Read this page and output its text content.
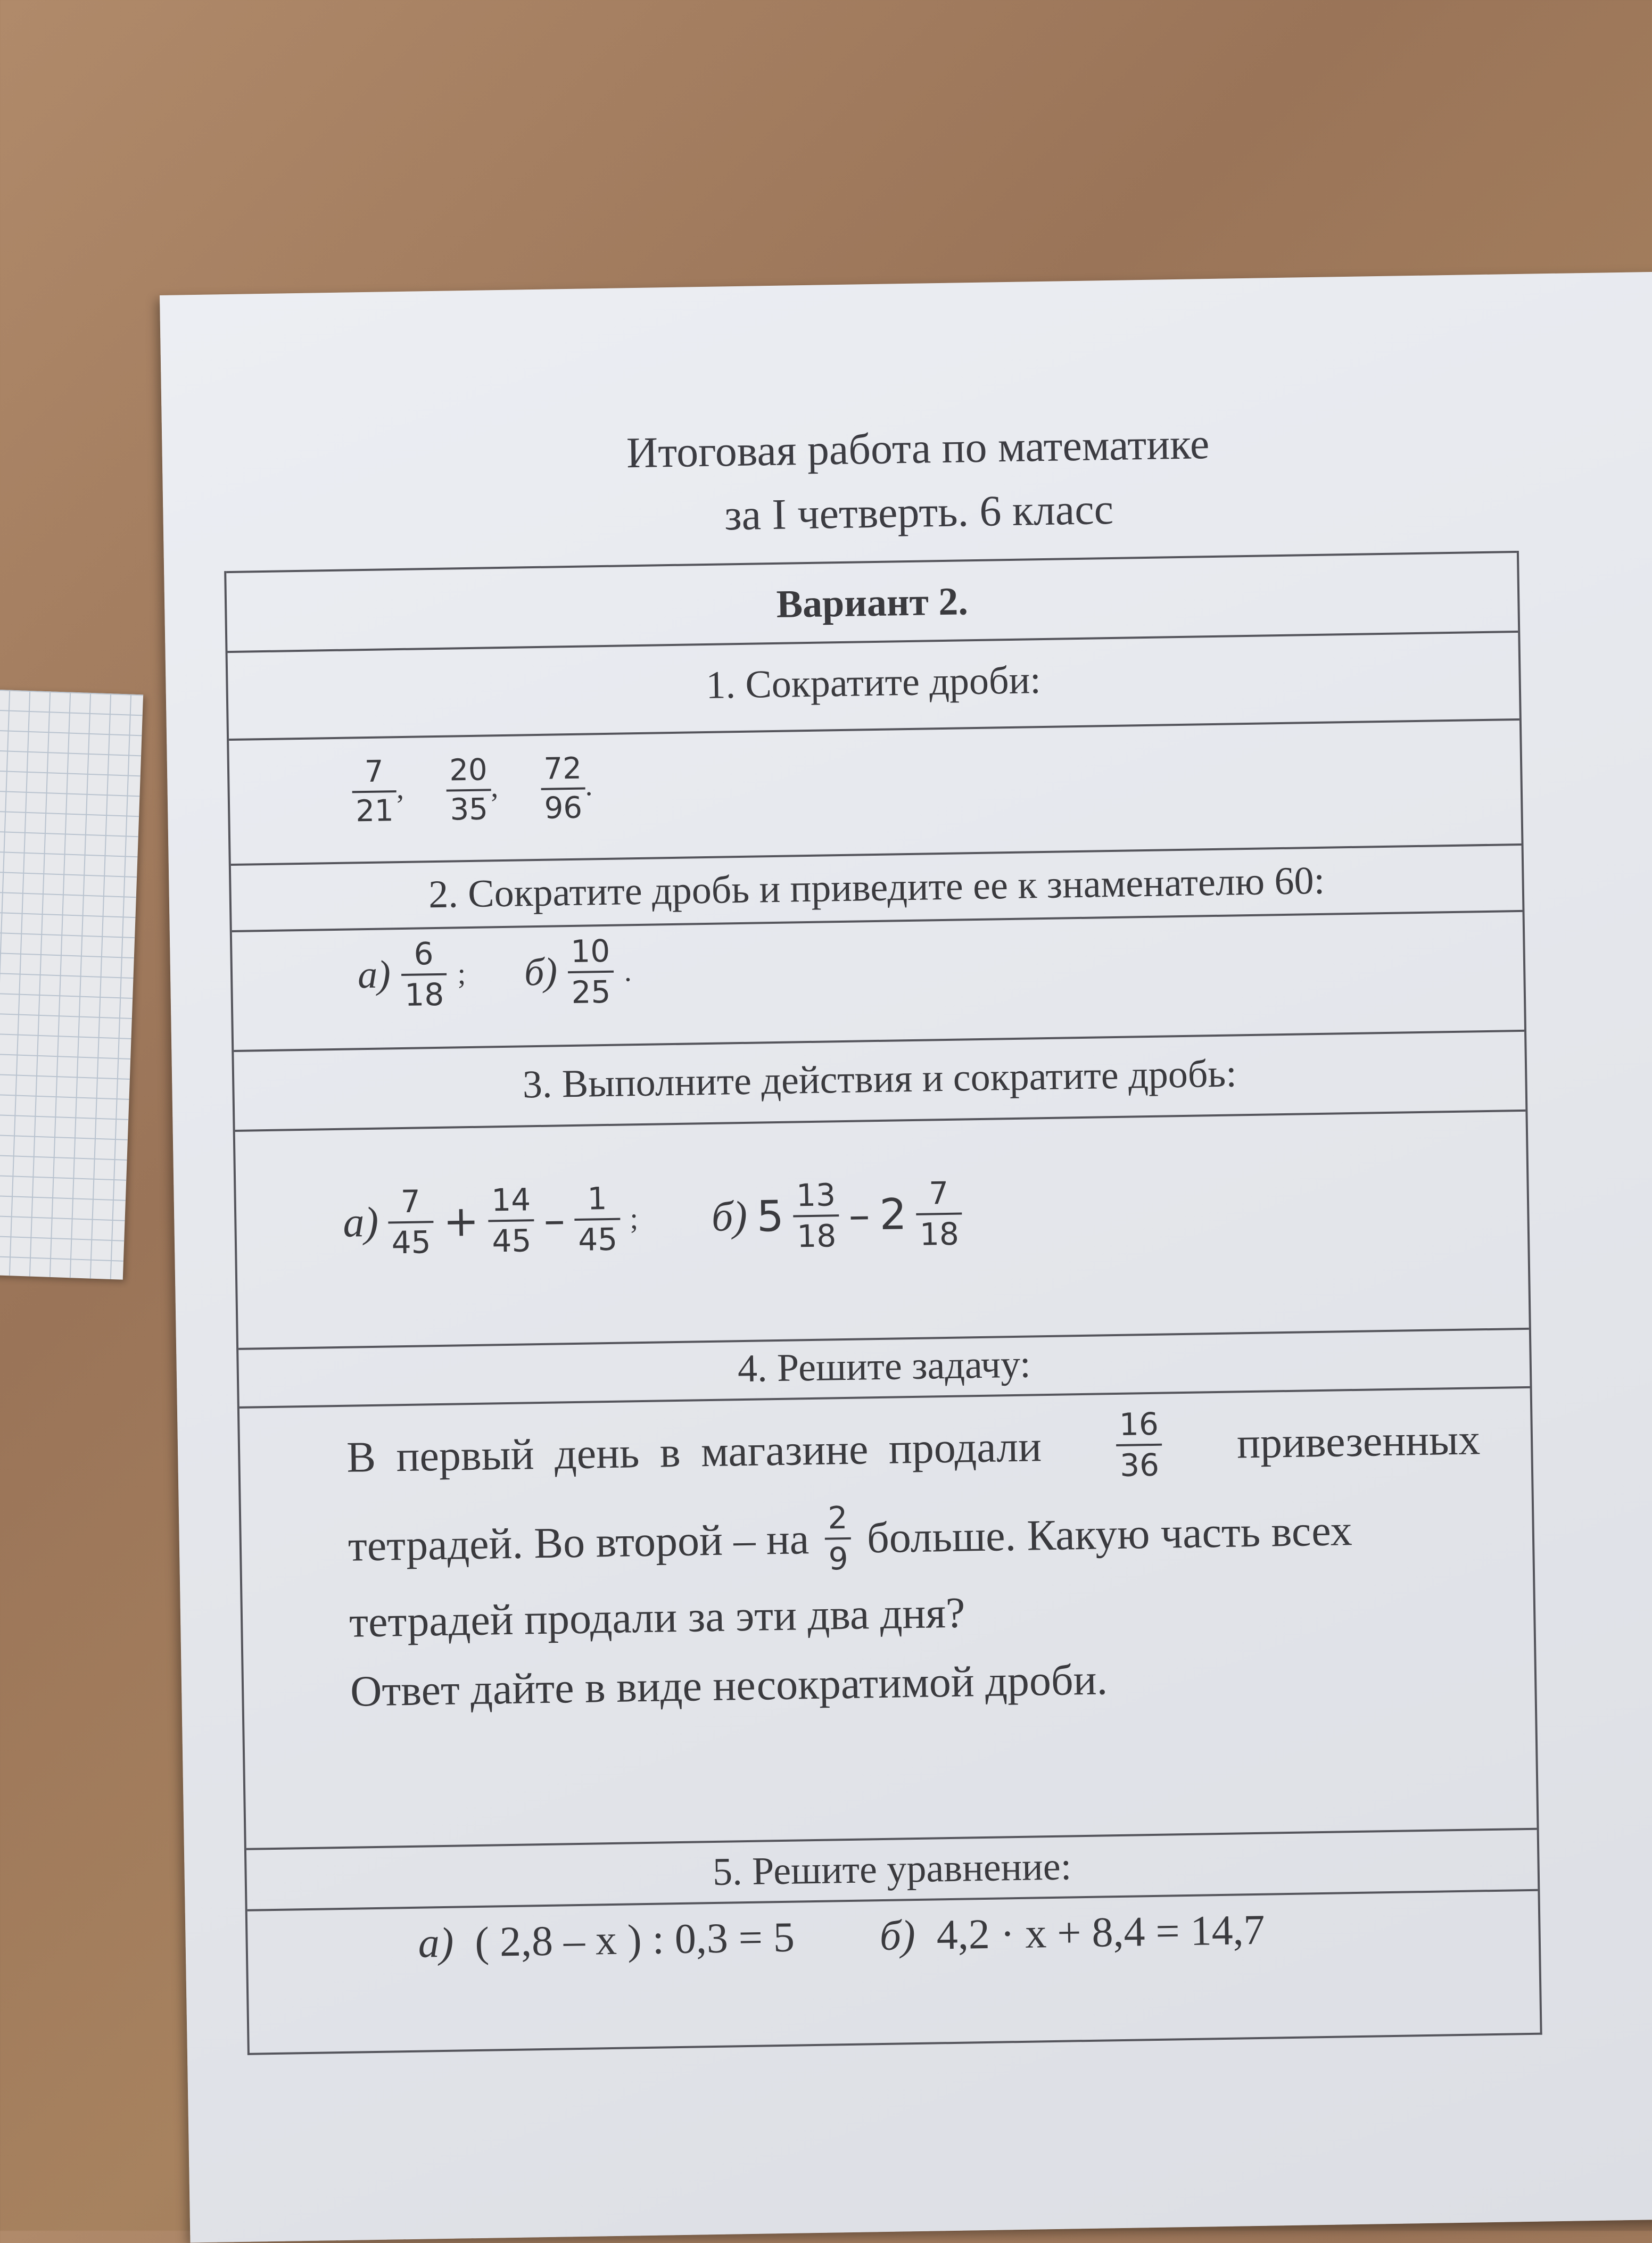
Итоговая работа по математике
за I четверть. 6 класс
Вариант 2.
1. Сократите дроби:
7
21
,
20
35
,
72
96
.
2. Сократите дробь и приведите ее к знаменателю 60:
а) 6
18
; б) 10
25
.
3. Выполните действия и сократите дробь:
а) 7
45 + 14
45 – 1
45
; б) 5 13
18 – 2 7
18
4. Решите задачу:
В первый день в магазине продали 16
36 привезенных
тетрадей. Во второй – на 2
9 больше. Какую часть всех
тетрадей продали за эти два дня?
Ответ дайте в виде несократимой дроби.
5. Решите уравнение:
а) ( 2,8 – x ) : 0,3 = 5 б) 4,2 · x + 8,4 = 14,7
